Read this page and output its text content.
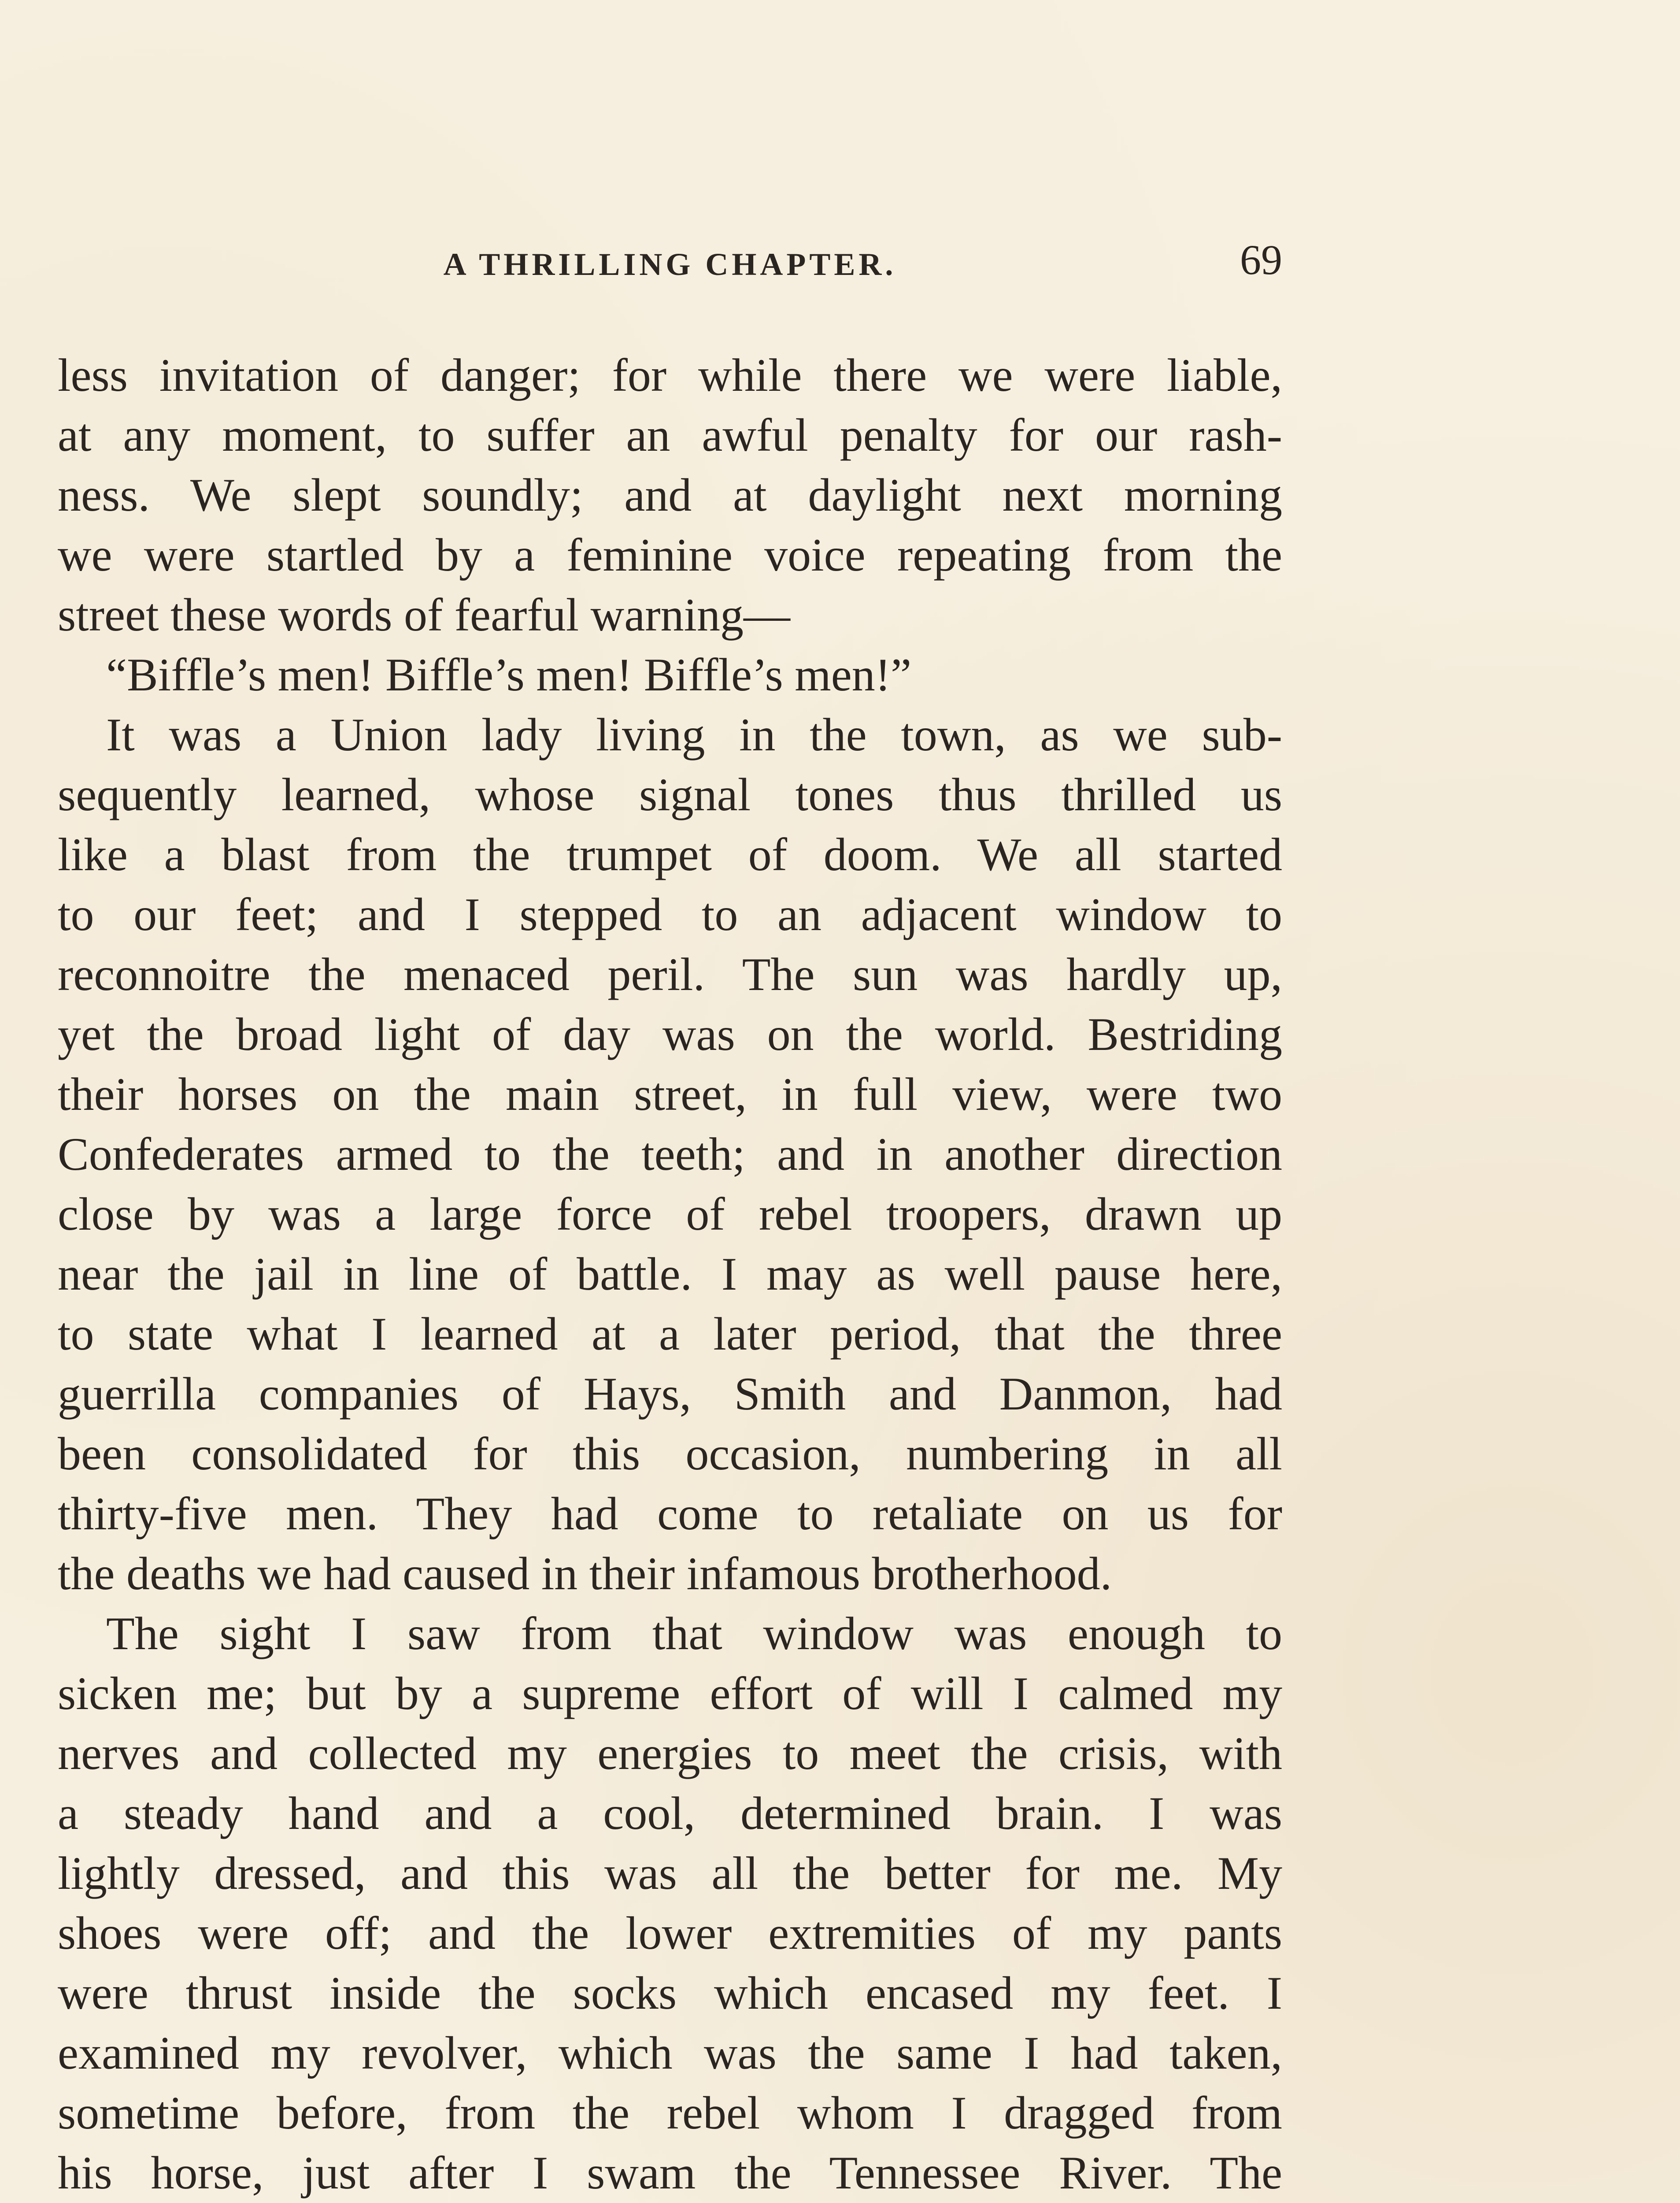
A THRILLING CHAPTER.	69
less invitation of danger; for while there we were liable,
at any moment, to suffer an awful penalty for our rash-
ness. We slept soundly; and at daylight next morning
we were startled by a feminine voice repeating from the
street these words of fearful warning—
“Biffle’s men! Biffle’s men! Biffle’s men!”
It was a Union lady living in the town, as we sub-
sequently learned, whose signal tones thus thrilled us
like a blast from the trumpet of doom. We all started
to our feet; and I stepped to an adjacent window to
reconnoitre the menaced peril. The sun was hardly up,
yet the broad light of day was on the world. Bestriding
their horses on the main street, in full view, were two
Confederates armed to the teeth; and in another direction
close by was a large force of rebel troopers, drawn up
near the jail in line of battle. I may as well pause here,
to state what I learned at a later period, that the three
guerrilla companies of Hays, Smith and Danmon, had
been consolidated for this occasion, numbering in all
thirty-five men. They had come to retaliate on us for
the deaths we had caused in their infamous brotherhood.
The sight I saw from that window was enough to
sicken me; but by a supreme effort of will I calmed my
nerves and collected my energies to meet the crisis, with
a steady hand and a cool, determined brain. I was
lightly dressed, and this was all the better for me. My
shoes were off; and the lower extremities of my pants
were thrust inside the socks which encased my feet. I
examined my revolver, which was the same I had taken,
sometime before, from the rebel whom I dragged from
his horse, just after I swam the Tennessee River. The
